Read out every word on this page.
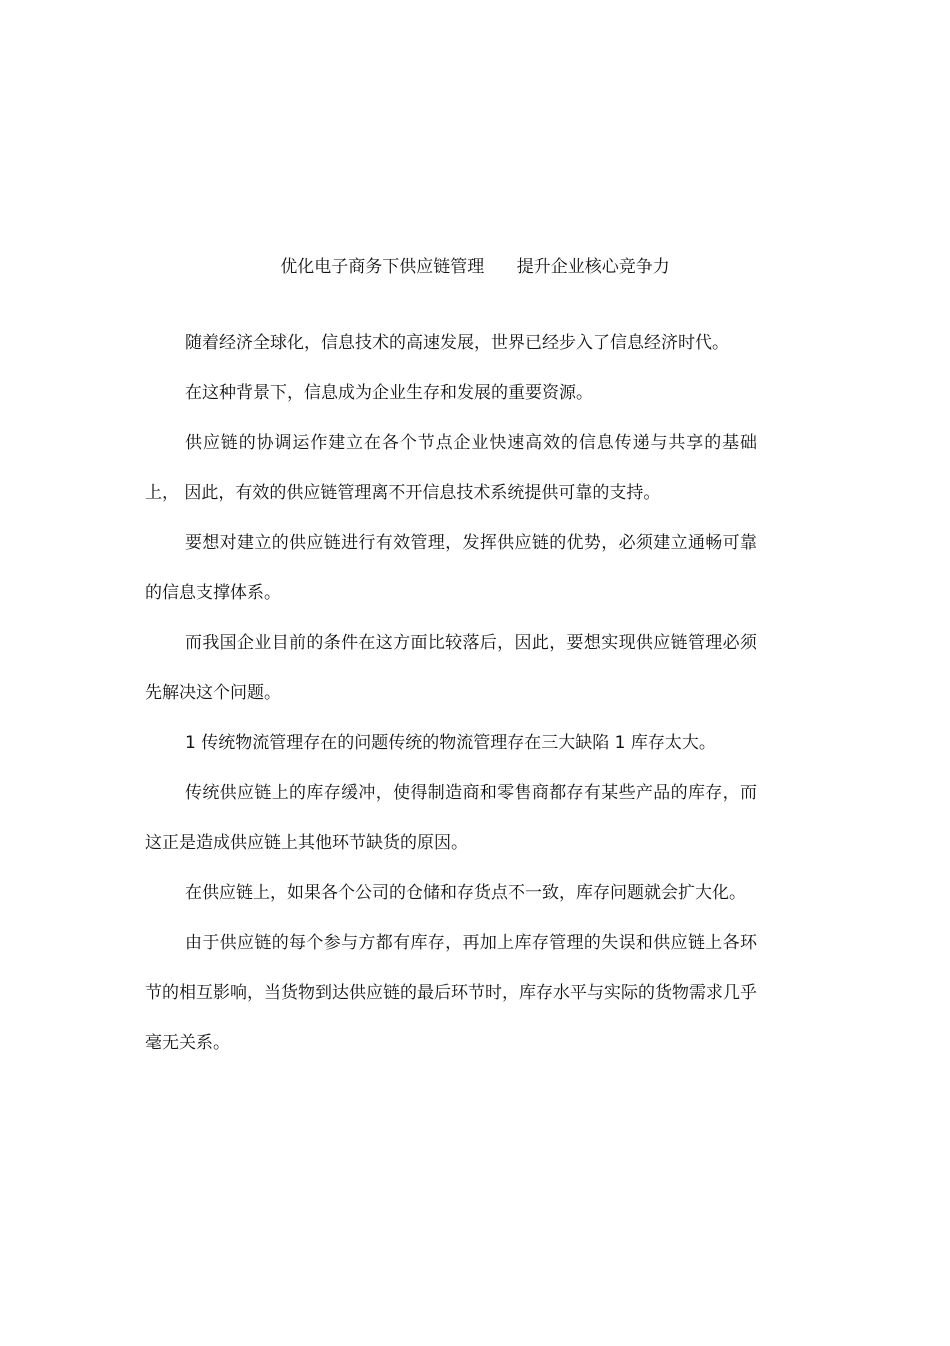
优化电子商务下供应链管理      提升企业核心竞争力

随着经济全球化，信息技术的高速发展，世界已经步入了信息经济时代。

在这种背景下，信息成为企业生存和发展的重要资源。

供应链的协调运作建立在各个节点企业快速高效的信息传递与共享的基础上， 因此，有效的供应链管理离不开信息技术系统提供可靠的支持。

要想对建立的供应链进行有效管理，发挥供应链的优势，必须建立通畅可靠的信息支撑体系。

而我国企业目前的条件在这方面比较落后，因此，要想实现供应链管理必须先解决这个问题。

1 传统物流管理存在的问题传统的物流管理存在三大缺陷 1 库存太大。

传统供应链上的库存缓冲，使得制造商和零售商都存有某些产品的库存，而这正是造成供应链上其他环节缺货的原因。

在供应链上，如果各个公司的仓储和存货点不一致，库存问题就会扩大化。

由于供应链的每个参与方都有库存，再加上库存管理的失误和供应链上各环节的相互影响，当货物到达供应链的最后环节时，库存水平与实际的货物需求几乎毫无关系。
